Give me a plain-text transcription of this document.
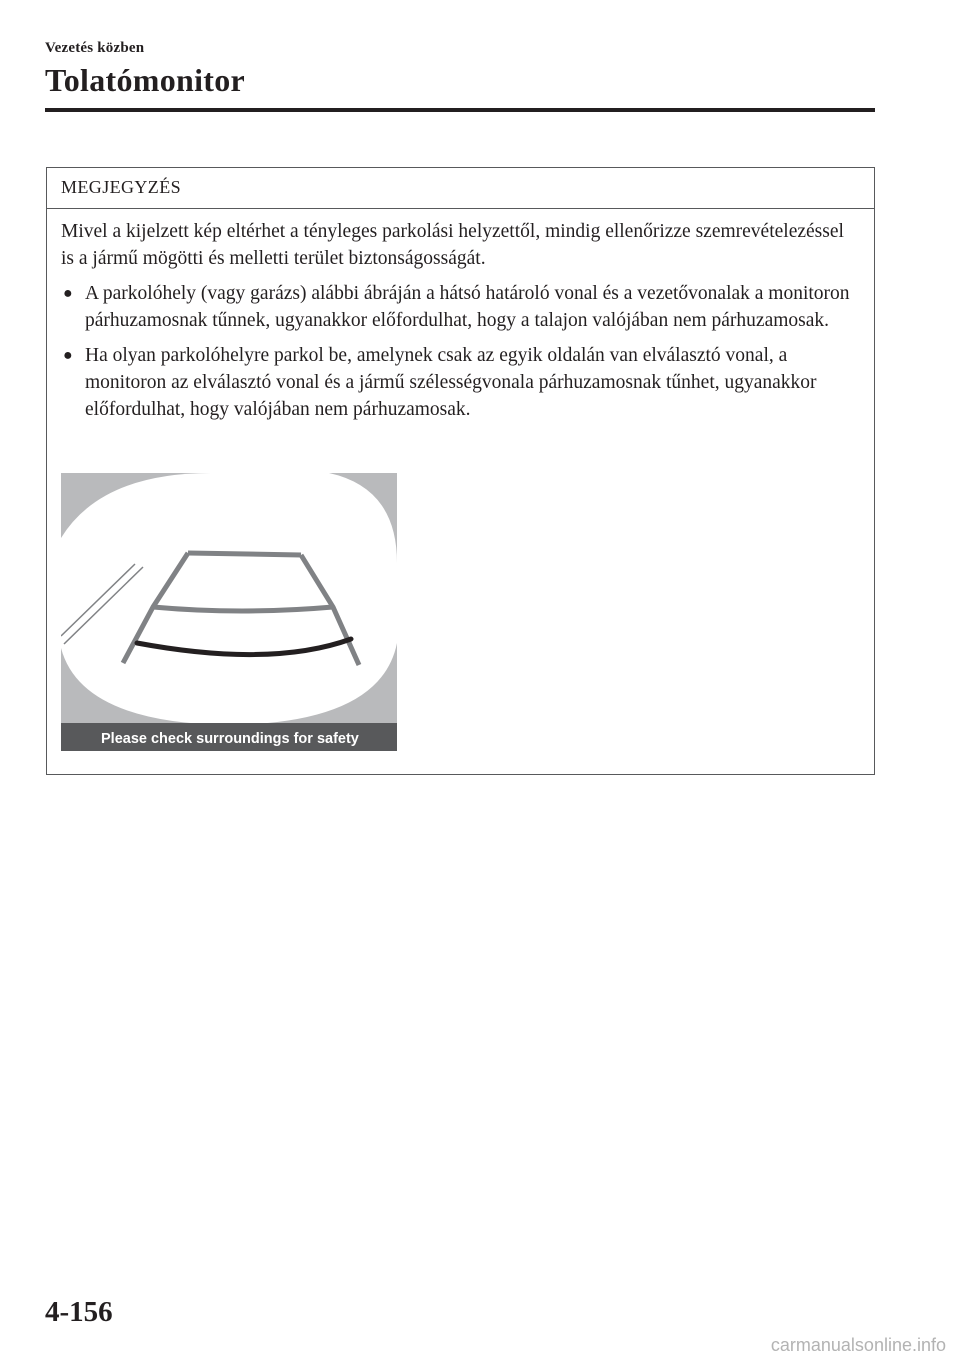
Vezetés közben
Tolatómonitor
MEGJEGYZÉS

Mivel a kijelzett kép eltérhet a tényleges parkolási helyzettől, mindig ellenőrizze szemrevételezéssel is a jármű mögötti és melletti terület biztonságosságát.

● A parkolóhely (vagy garázs) alábbi ábráján a hátsó határoló vonal és a vezetővonalak a monitoron párhuzamosnak tűnnek, ugyanakkor előfordulhat, hogy a talajon valójában nem párhuzamosak.
● Ha olyan parkolóhelyre parkol be, amelynek csak az egyik oldalán van elválasztó vonal, a monitoron az elválasztó vonal és a jármű szélességvonala párhuzamosnak tűnhet, ugyanakkor előfordulhat, hogy valójában nem párhuzamosak.
Please check surroundings for safety
4-156
carmanualsonline.info
